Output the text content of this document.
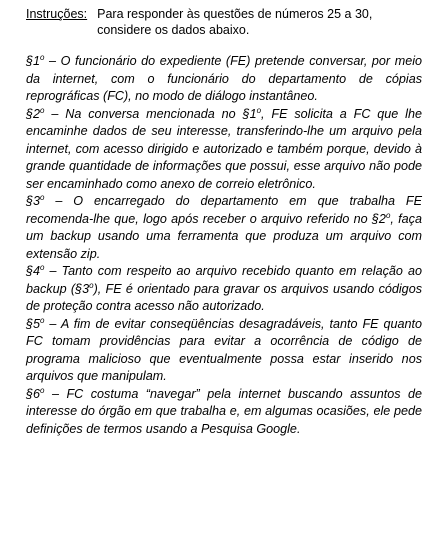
Instruções: Para responder às questões de números 25 a 30, considere os dados abaixo.

§1$^o$ – O funcionário do expediente (FE) pretende conversar, por meio da internet, com o funcionário do departamento de cópias reprográficas (FC), no modo de diálogo instantâneo.

§2$^o$ – Na conversa mencionada no §1$^o$, FE solicita a FC que lhe encaminhe dados de seu interesse, transferindo-lhe um arquivo pela internet, com acesso dirigido e autorizado e também porque, devido à grande quantidade de informações que possui, esse arquivo não pode ser encaminhado como anexo de correio eletrônico.

§3$^o$ – O encarregado do departamento em que trabalha FE recomenda-lhe que, logo após receber o arquivo referido no §2$^o$, faça um backup usando uma ferramenta que produza um arquivo com extensão zip.

§4$^o$ – Tanto com respeito ao arquivo recebido quanto em relação ao backup (§3$^o$), FE é orientado para gravar os arquivos usando códigos de proteção contra acesso não autorizado.

§5$^o$ – A fim de evitar conseqüências desagradáveis, tanto FE quanto FC tomam providências para evitar a ocorrência de código de programa malicioso que eventualmente possa estar inserido nos arquivos que manipulam.

§6$^o$ – FC costuma “navegar” pela internet buscando assuntos de interesse do órgão em que trabalha e, em algumas ocasiões, ele pede definições de termos usando a Pesquisa Google.
